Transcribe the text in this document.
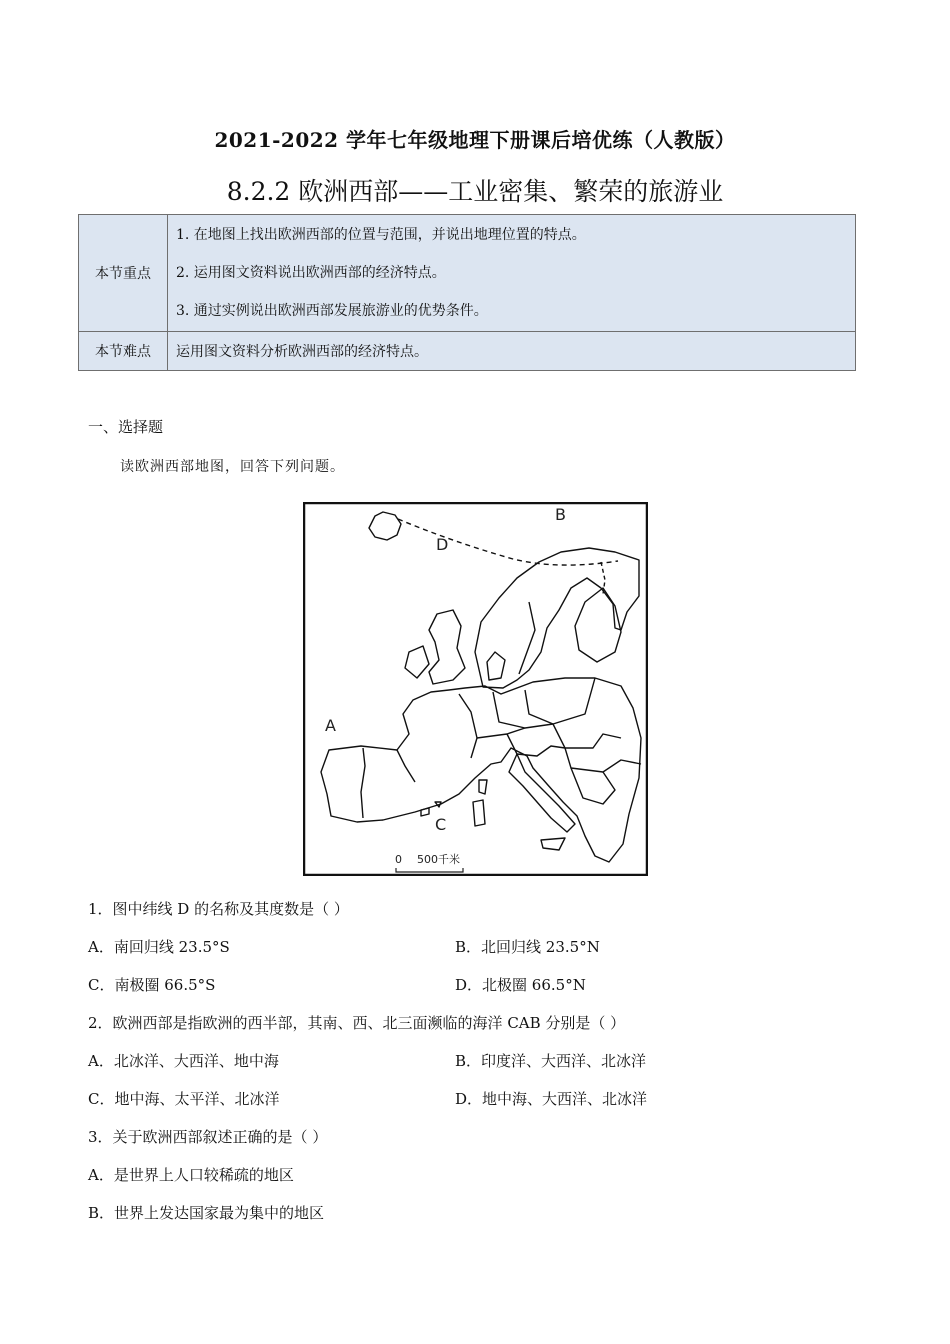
2021-2022 学年七年级地理下册课后培优练（人教版）
8.2.2 欧洲西部——工业密集、繁荣的旅游业
本节重点	1. 在地图上找出欧洲西部的位置与范围，并说出地理位置的特点。
2. 运用图文资料说出欧洲西部的经济特点。
3. 通过实例说出欧洲西部发展旅游业的优势条件。

本节难点	运用图文资料分析欧洲西部的经济特点。
一、选择题
读欧洲西部地图，回答下列问题。
B
D
A
C
0 500千米
1．图中纬线 D 的名称及其度数是（ ）
A．南回归线 23.5°S	B．北回归线 23.5°N
C．南极圈 66.5°S	D．北极圈 66.5°N
2．欧洲西部是指欧洲的西半部，其南、西、北三面濒临的海洋 CAB 分别是（ ）
A．北冰洋、大西洋、地中海	B．印度洋、大西洋、北冰洋
C．地中海、太平洋、北冰洋	D．地中海、大西洋、北冰洋
3．关于欧洲西部叙述正确的是（ ）
A．是世界上人口较稀疏的地区
B．世界上发达国家最为集中的地区
